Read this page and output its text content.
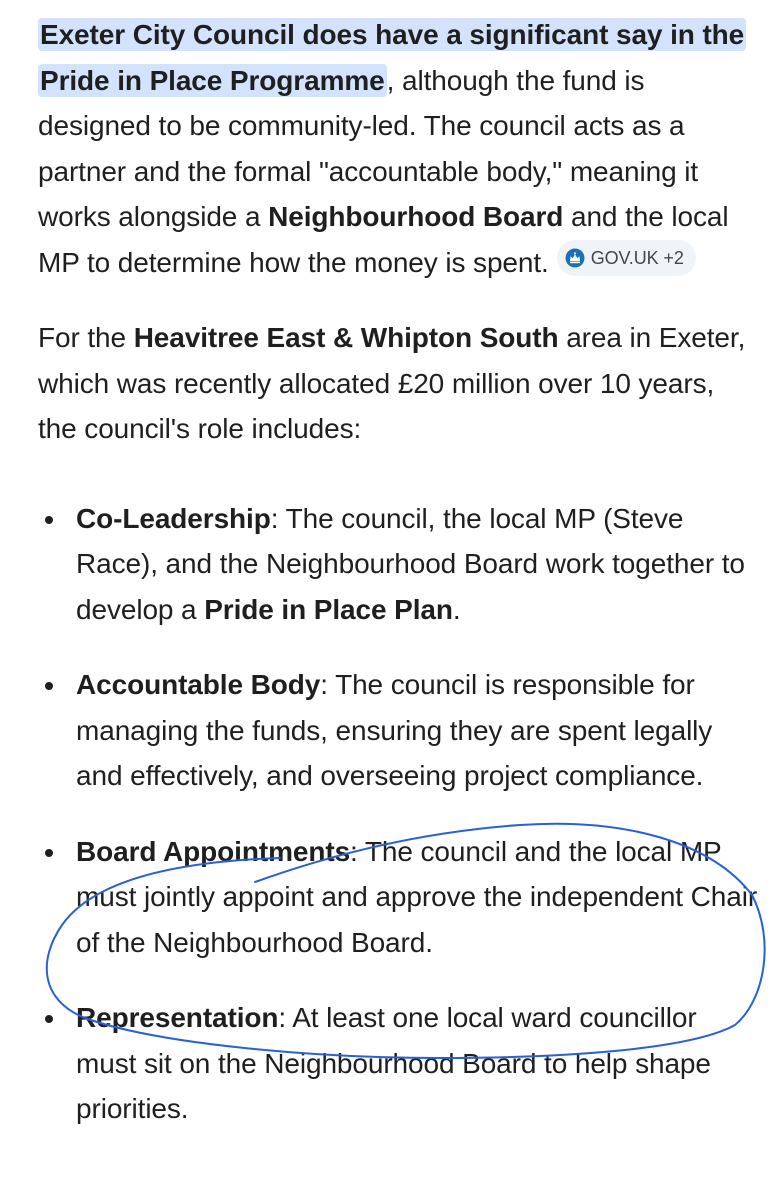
Exeter City Council does have a significant say in the Pride in Place Programme, although the fund is designed to be community-led. The council acts as a partner and the formal "accountable body," meaning it works alongside a Neighbourhood Board and the local MP to determine how the money is spent. GOV.UK +2

For the Heavitree East & Whipton South area in Exeter, which was recently allocated £20 million over 10 years, the council's role includes:

Co-Leadership: The council, the local MP (Steve Race), and the Neighbourhood Board work together to develop a Pride in Place Plan.
Accountable Body: The council is responsible for managing the funds, ensuring they are spent legally and effectively, and overseeing project compliance.
Board Appointments: The council and the local MP must jointly appoint and approve the independent Chair of the Neighbourhood Board.
Representation: At least one local ward councillor must sit on the Neighbourhood Board to help shape priorities.
